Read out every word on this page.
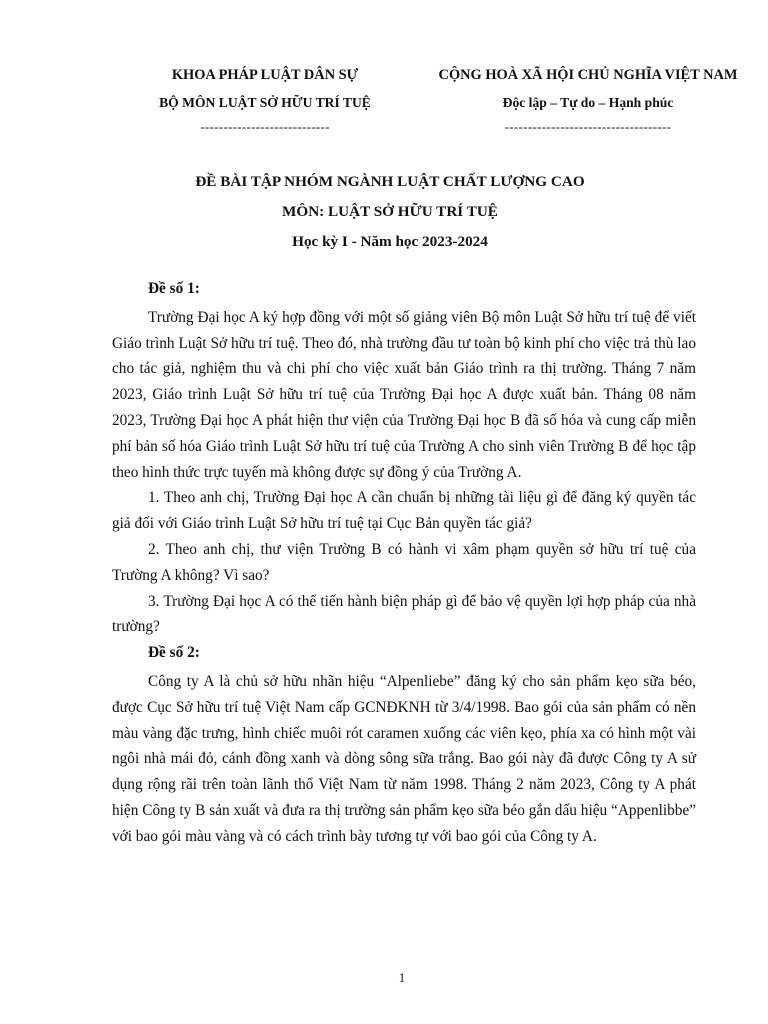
KHOA PHÁP LUẬT DÂN SỰ
BỘ MÔN LUẬT SỞ HỮU TRÍ TUỆ
----------------------------
CỘNG HOÀ XÃ HỘI CHỦ NGHĨA VIỆT NAM
Độc lập – Tự do – Hạnh phúc
------------------------------------
ĐỀ BÀI TẬP NHÓM NGÀNH LUẬT CHẤT LƯỢNG CAO
MÔN: LUẬT SỞ HỮU TRÍ TUỆ
Học kỳ I - Năm học 2023-2024

Đề số 1:

Trường Đại học A ký hợp đồng với một số giảng viên Bộ môn Luật Sở hữu trí tuệ để viết Giáo trình Luật Sở hữu trí tuệ. Theo đó, nhà trường đầu tư toàn bộ kinh phí cho việc trả thù lao cho tác giả, nghiệm thu và chi phí cho việc xuất bản Giáo trình ra thị trường. Tháng 7 năm 2023, Giáo trình Luật Sở hữu trí tuệ của Trường Đại học A được xuất bản. Tháng 08 năm 2023, Trường Đại học A phát hiện thư viện của Trường Đại học B đã số hóa và cung cấp miễn phí bản số hóa Giáo trình Luật Sở hữu trí tuệ của Trường A cho sinh viên Trường B để học tập theo hình thức trực tuyến mà không được sự đồng ý của Trường A.

1. Theo anh chị, Trường Đại học A cần chuẩn bị những tài liệu gì để đăng ký quyền tác giả đối với Giáo trình Luật Sở hữu trí tuệ tại Cục Bản quyền tác giả?

2. Theo anh chị, thư viện Trường B có hành vi xâm phạm quyền sở hữu trí tuệ của Trường A không? Vì sao?

3. Trường Đại học A có thể tiến hành biện pháp gì để bảo vệ quyền lợi hợp pháp của nhà trường?

Đề số 2:

Công ty A là chủ sở hữu nhãn hiệu “Alpenliebe” đăng ký cho sản phẩm kẹo sữa béo, được Cục Sở hữu trí tuệ Việt Nam cấp GCNĐKNH từ 3/4/1998. Bao gói của sản phẩm có nền màu vàng đặc trưng, hình chiếc muôi rót caramen xuống các viên kẹo, phía xa có hình một vài ngôi nhà mái đỏ, cánh đồng xanh và dòng sông sữa trắng. Bao gói này đã được Công ty A sử dụng rộng rãi trên toàn lãnh thổ Việt Nam từ năm 1998. Tháng 2 năm 2023, Công ty A phát hiện Công ty B sản xuất và đưa ra thị trường sản phẩm kẹo sữa béo gắn dấu hiệu “Appenlibbe” với bao gói màu vàng và có cách trình bày tương tự với bao gói của Công ty A.

1
